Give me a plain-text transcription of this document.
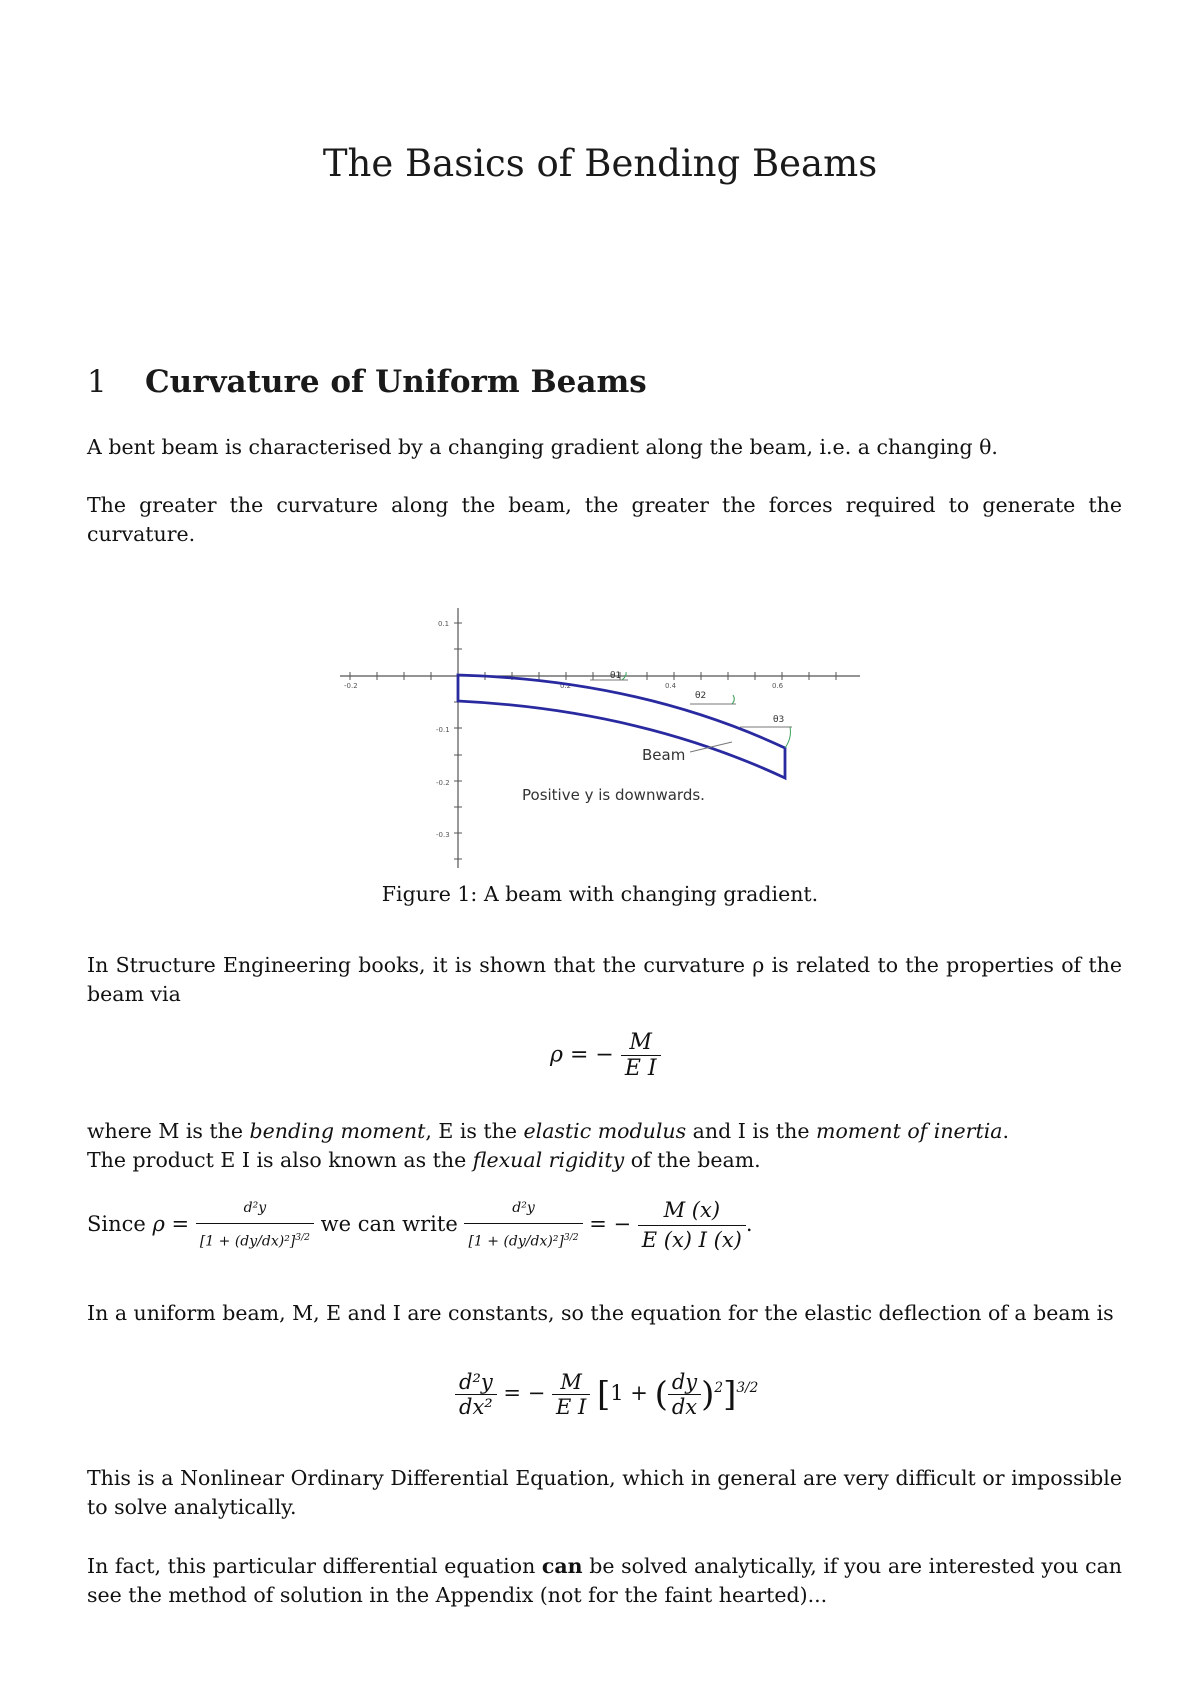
The Basics of Bending Beams
1 Curvature of Uniform Beams
A bent beam is characterised by a changing gradient along the beam, i.e. a changing θ.
The greater the curvature along the beam, the greater the forces required to generate the curvature.
-0.2	0.2	0.4	0.6
0.1
-0.1
-0.2
-0.3
θ1
θ2
θ3
Beam
Positive y is downwards.
Figure 1: A beam with changing gradient.
In Structure Engineering books, it is shown that the curvature ρ is related to the properties of the beam via
ρ = − $\frac{M}{\text{E I}}$
where M is the bending moment, E is the elastic modulus and I is the moment of inertia.
The product E I is also known as the flexual rigidity of the beam.
Since $\rho = \frac{\text{d²y}}{[1 + (dy/dx)^2]^{3/2}}$ we can write $\frac{\text{d²y}}{[1 + (dy/dx)^2]^{3/2}}$ = − $\frac{M (x)}{E (x) I (x)}$ .
In a uniform beam, M, E and I are constants, so the equation for the elastic deflection of a beam is
$\frac{\text{d²y}}{\text{dx²}}$ = − $\frac{M}{\text{E I}} [1$ + ( $\frac{dy}{dx} )^2]^{3/2}$
This is a Nonlinear Ordinary Differential Equation, which in general are very difficult or impossible to solve analytically.
In fact, this particular differential equation can be solved analytically, if you are interested you can see the method of solution in the Appendix (not for the faint hearted)...
